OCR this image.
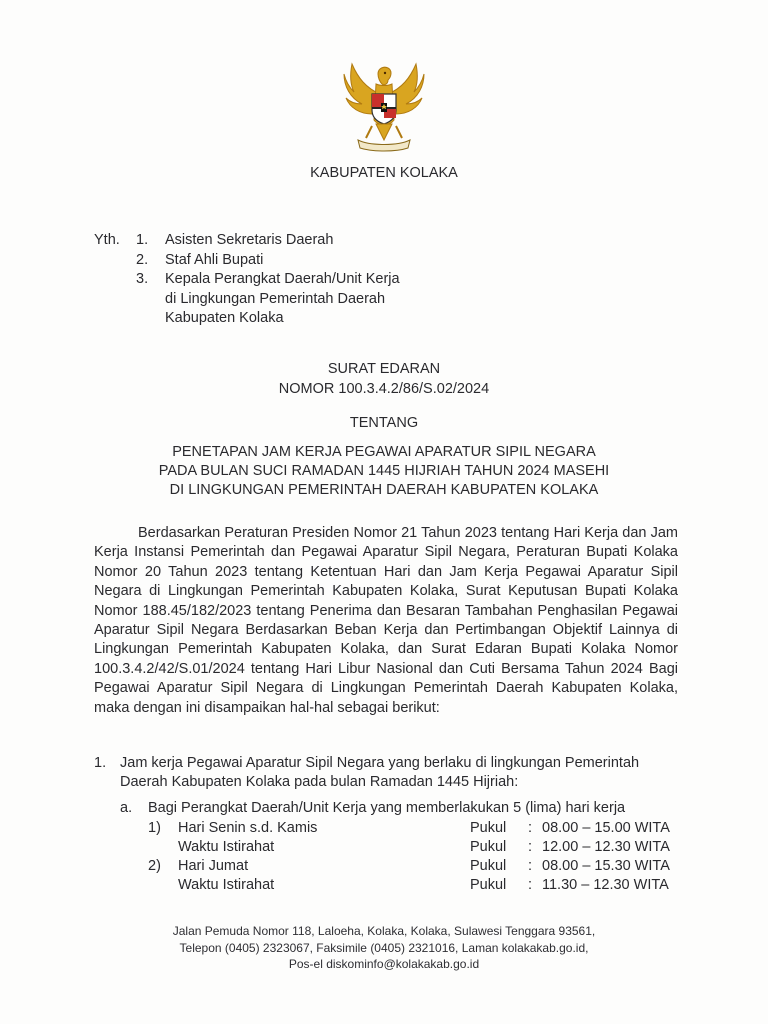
KABUPATEN KOLAKA
Yth. 1. Asisten Sekretaris Daerah
2. Staf Ahli Bupati
3. Kepala Perangkat Daerah/Unit Kerja
di Lingkungan Pemerintah Daerah
Kabupaten Kolaka
SURAT EDARAN
NOMOR 100.3.4.2/86/S.02/2024
TENTANG
PENETAPAN JAM KERJA PEGAWAI APARATUR SIPIL NEGARA
PADA BULAN SUCI RAMADAN 1445 HIJRIAH TAHUN 2024 MASEHI
DI LINGKUNGAN PEMERINTAH DAERAH KABUPATEN KOLAKA
Berdasarkan Peraturan Presiden Nomor 21 Tahun 2023 tentang Hari Kerja dan Jam Kerja Instansi Pemerintah dan Pegawai Aparatur Sipil Negara, Peraturan Bupati Kolaka Nomor 20 Tahun 2023 tentang Ketentuan Hari dan Jam Kerja Pegawai Aparatur Sipil Negara di Lingkungan Pemerintah Kabupaten Kolaka, Surat Keputusan Bupati Kolaka Nomor 188.45/182/2023 tentang Penerima dan Besaran Tambahan Penghasilan Pegawai Aparatur Sipil Negara Berdasarkan Beban Kerja dan Pertimbangan Objektif Lainnya di Lingkungan Pemerintah Kabupaten Kolaka, dan Surat Edaran Bupati Kolaka Nomor 100.3.4.2/42/S.01/2024 tentang Hari Libur Nasional dan Cuti Bersama Tahun 2024 Bagi Pegawai Aparatur Sipil Negara di Lingkungan Pemerintah Daerah Kabupaten Kolaka, maka dengan ini disampaikan hal-hal sebagai berikut:
1. Jam kerja Pegawai Aparatur Sipil Negara yang berlaku di lingkungan Pemerintah
Daerah Kabupaten Kolaka pada bulan Ramadan 1445 Hijriah:
a. Bagi Perangkat Daerah/Unit Kerja yang memberlakukan 5 (lima) hari kerja
1) Hari Senin s.d. Kamis	Pukul : 08.00 – 15.00 WITA
Waktu Istirahat	Pukul : 12.00 – 12.30 WITA
2) Hari Jumat	Pukul : 08.00 – 15.30 WITA
Waktu Istirahat	Pukul : 11.30 – 12.30 WITA
Jalan Pemuda Nomor 118, Laloeha, Kolaka, Kolaka, Sulawesi Tenggara 93561,
Telepon (0405) 2323067, Faksimile (0405) 2321016, Laman kolakakab.go.id,
Pos-el diskominfo@kolakakab.go.id
